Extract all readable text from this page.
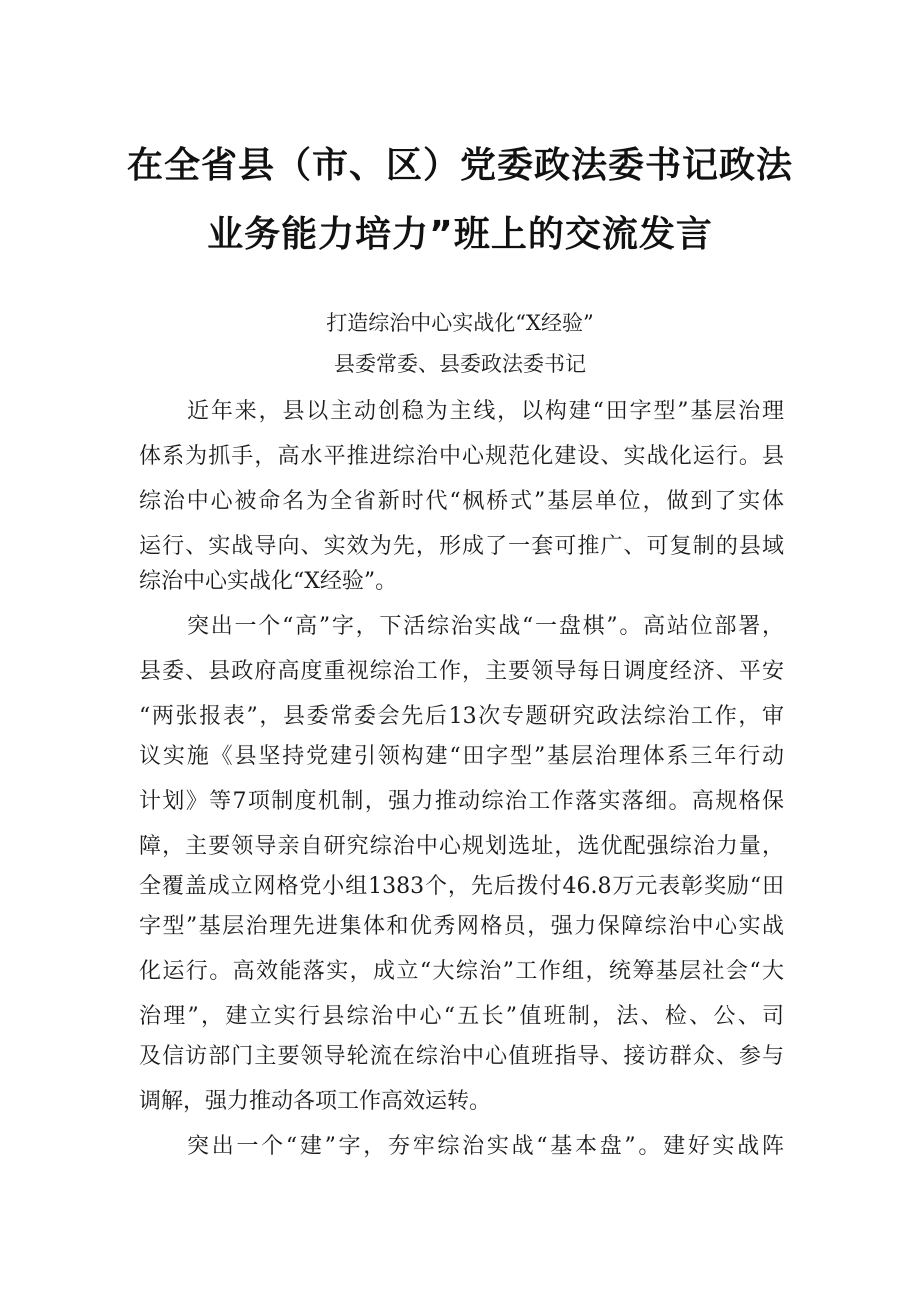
在全省县（市、区）党委政法委书记政法
业务能力培力”班上的交流发言
打造综治中心实战化“X经验”
县委常委、县委政法委书记
近年来，县以主动创稳为主线，以构建“田字型”基层治理
体系为抓手，高水平推进综治中心规范化建设、实战化运行。县
综治中心被命名为全省新时代“枫桥式”基层单位，做到了实体
运行、实战导向、实效为先，形成了一套可推广、可复制的县域
综治中心实战化“X经验”。
突出一个“高”字，下活综治实战“一盘棋”。高站位部署，
县委、县政府高度重视综治工作，主要领导每日调度经济、平安
“两张报表”，县委常委会先后13次专题研究政法综治工作，审
议实施《县坚持党建引领构建“田字型”基层治理体系三年行动
计划》等7项制度机制，强力推动综治工作落实落细。高规格保
障，主要领导亲自研究综治中心规划选址，选优配强综治力量，
全覆盖成立网格党小组1383个，先后拨付46.8万元表彰奖励“田
字型”基层治理先进集体和优秀网格员，强力保障综治中心实战
化运行。高效能落实，成立“大综治”工作组，统筹基层社会“大
治理”，建立实行县综治中心“五长”值班制，法、检、公、司
及信访部门主要领导轮流在综治中心值班指导、接访群众、参与
调解，强力推动各项工作高效运转。
突出一个“建”字，夯牢综治实战“基本盘”。建好实战阵
